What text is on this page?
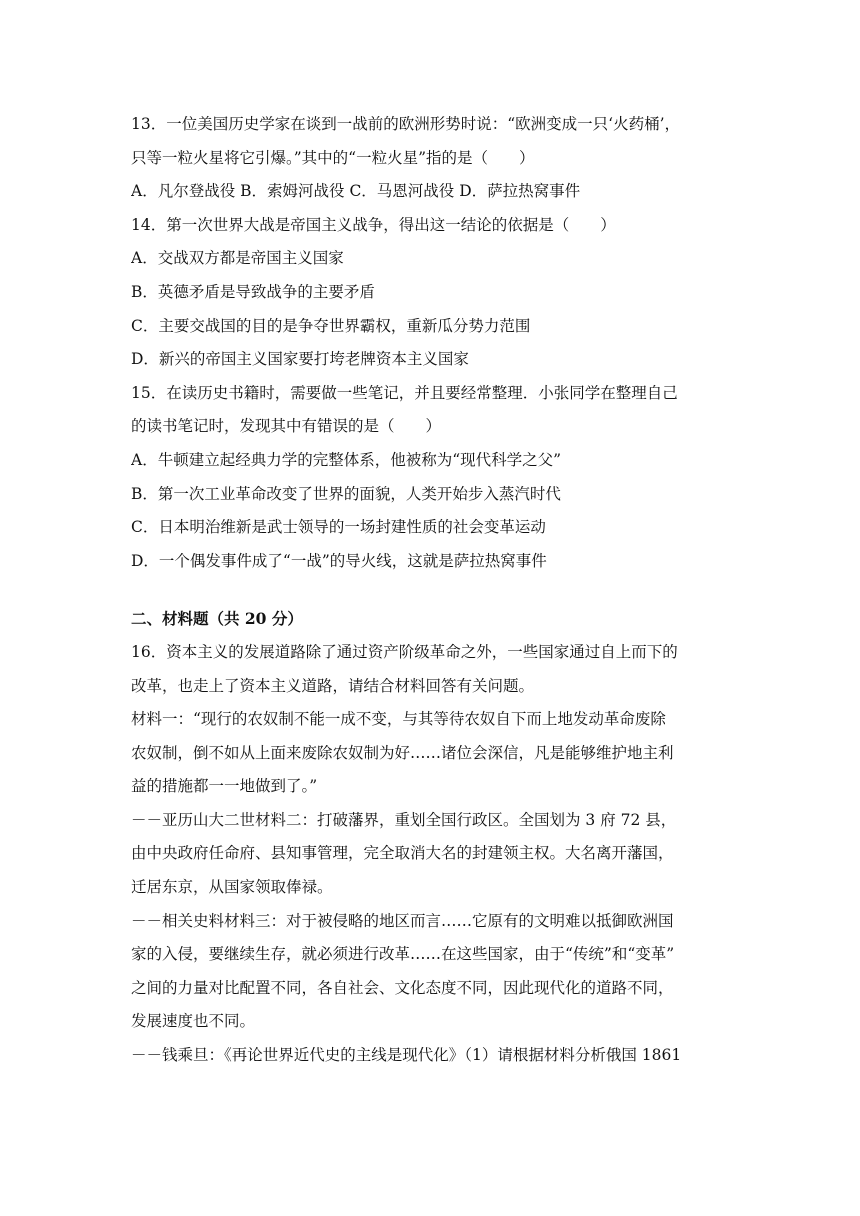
13．一位美国历史学家在谈到一战前的欧洲形势时说：“欧洲变成一只‘火药桶’，
只等一粒火星将它引爆。”其中的“一粒火星”指的是（　　）
A．凡尔登战役 B．索姆河战役 C．马恩河战役 D．萨拉热窝事件
14．第一次世界大战是帝国主义战争，得出这一结论的依据是（　　）
A．交战双方都是帝国主义国家
B．英德矛盾是导致战争的主要矛盾
C．主要交战国的目的是争夺世界霸权，重新瓜分势力范围
D．新兴的帝国主义国家要打垮老牌资本主义国家
15．在读历史书籍时，需要做一些笔记，并且要经常整理．小张同学在整理自己
的读书笔记时，发现其中有错误的是（　　）
A．牛顿建立起经典力学的完整体系，他被称为“现代科学之父”
B．第一次工业革命改变了世界的面貌，人类开始步入蒸汽时代
C．日本明治维新是武士领导的一场封建性质的社会变革运动
D．一个偶发事件成了“一战”的导火线，这就是萨拉热窝事件
二、材料题（共 20 分）
16．资本主义的发展道路除了通过资产阶级革命之外，一些国家通过自上而下的
改革，也走上了资本主义道路，请结合材料回答有关问题。
材料一：“现行的农奴制不能一成不变，与其等待农奴自下而上地发动革命废除
农奴制，倒不如从上面来废除农奴制为好……诸位会深信，凡是能够维护地主利
益的措施都一一地做到了。”
－－亚历山大二世材料二：打破藩界，重划全国行政区。全国划为 3 府 72 县，
由中央政府任命府、县知事管理，完全取消大名的封建领主权。大名离开藩国，
迁居东京，从国家领取俸禄。
－－相关史料材料三：对于被侵略的地区而言……它原有的文明难以抵御欧洲国
家的入侵，要继续生存，就必须进行改革……在这些国家，由于“传统”和“变革”
之间的力量对比配置不同，各自社会、文化态度不同，因此现代化的道路不同，
发展速度也不同。
－－钱乘旦：《再论世界近代史的主线是现代化》（1）请根据材料分析俄国 1861
